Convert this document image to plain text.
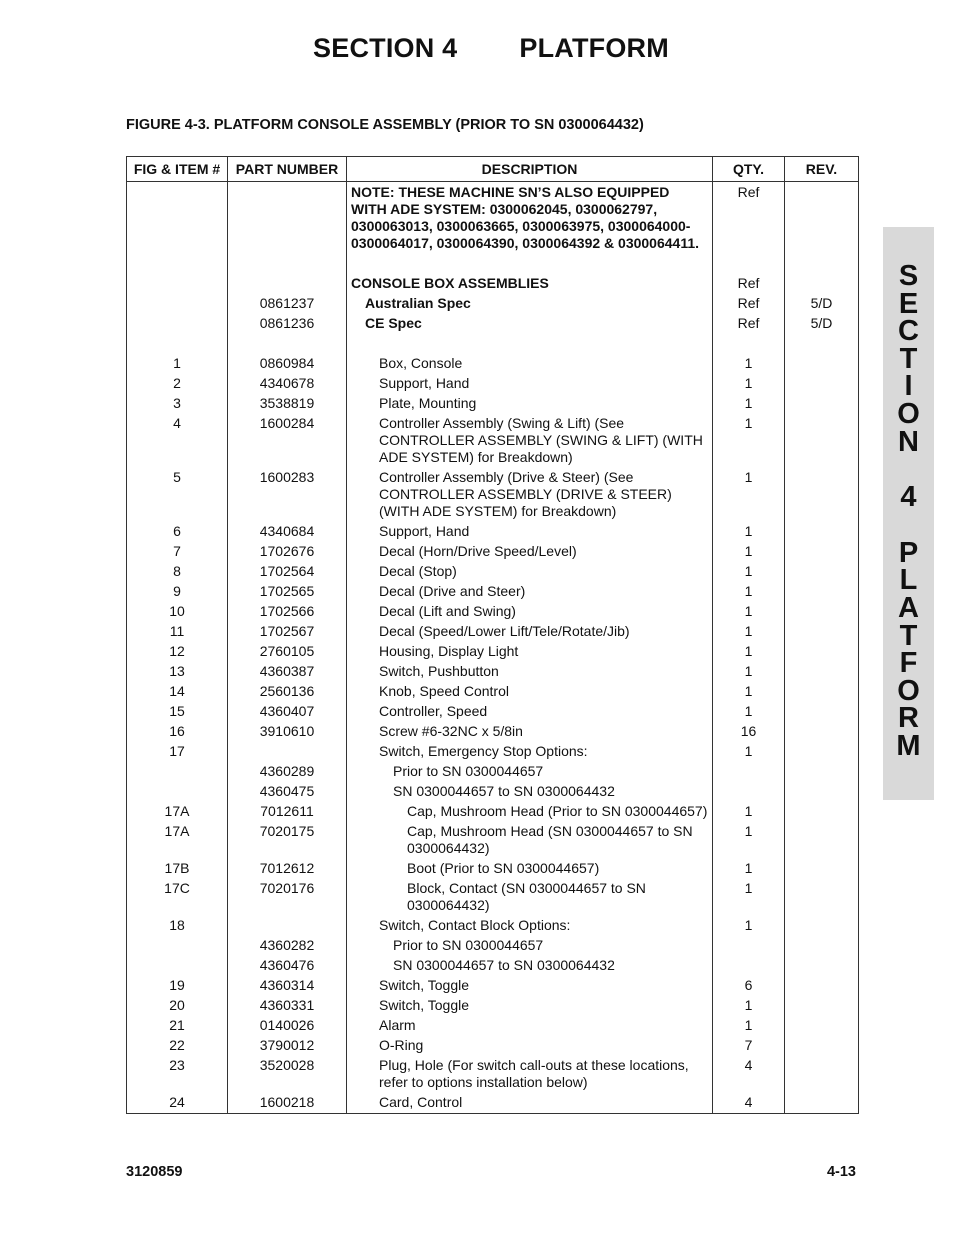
SECTION 4 PLATFORM
FIGURE 4-3. PLATFORM CONSOLE ASSEMBLY (PRIOR TO SN 0300064432)
FIG & ITEM #	PART NUMBER	DESCRIPTION	QTY.	REV.
		NOTE: THESE MACHINE SN’S ALSO EQUIPPED WITH ADE SYSTEM: 0300062045, 0300062797, 0300063013, 0300063665, 0300063975, 0300064000-0300064017, 0300064390, 0300064392 & 0300064411.	Ref	

		CONSOLE BOX ASSEMBLIES	Ref	
	0861237	Australian Spec	Ref	5/D
	0861236	CE Spec	Ref	5/D

1	0860984	Box, Console	1	
2	4340678	Support, Hand	1	
3	3538819	Plate, Mounting	1	
4	1600284	Controller Assembly (Swing & Lift) (See CONTROLLER ASSEMBLY (SWING & LIFT) (WITH ADE SYSTEM) for Breakdown)	1	
5	1600283	Controller Assembly (Drive & Steer) (See CONTROLLER ASSEMBLY (DRIVE & STEER) (WITH ADE SYSTEM) for Breakdown)	1	
6	4340684	Support, Hand	1	
7	1702676	Decal (Horn/Drive Speed/Level)	1	
8	1702564	Decal (Stop)	1	
9	1702565	Decal (Drive and Steer)	1	
10	1702566	Decal (Lift and Swing)	1	
11	1702567	Decal (Speed/Lower Lift/Tele/Rotate/Jib)	1	
12	2760105	Housing, Display Light	1	
13	4360387	Switch, Pushbutton	1	
14	2560136	Knob, Speed Control	1	
15	4360407	Controller, Speed	1	
16	3910610	Screw #6-32NC x 5/8in	16	
17		Switch, Emergency Stop Options:	1	
	4360289	Prior to SN 0300044657		
	4360475	SN 0300044657 to SN 0300064432		
17A	7012611	Cap, Mushroom Head (Prior to SN 0300044657)	1	
17A	7020175	Cap, Mushroom Head (SN 0300044657 to SN 0300064432)	1	
17B	7012612	Boot (Prior to SN 0300044657)	1	
17C	7020176	Block, Contact (SN 0300044657 to SN 0300064432)	1	
18		Switch, Contact Block Options:	1	
	4360282	Prior to SN 0300044657		
	4360476	SN 0300044657 to SN 0300064432		
19	4360314	Switch, Toggle	6	
20	4360331	Switch, Toggle	1	
21	0140026	Alarm	1	
22	3790012	O-Ring	7	
23	3520028	Plug, Hole (For switch call-outs at these locations, refer to options installation below)	4	
24	1600218	Card, Control	4	
S
E
C
T
I
O
N
4
P
L
A
T
F
O
R
M
3120859	4-13
